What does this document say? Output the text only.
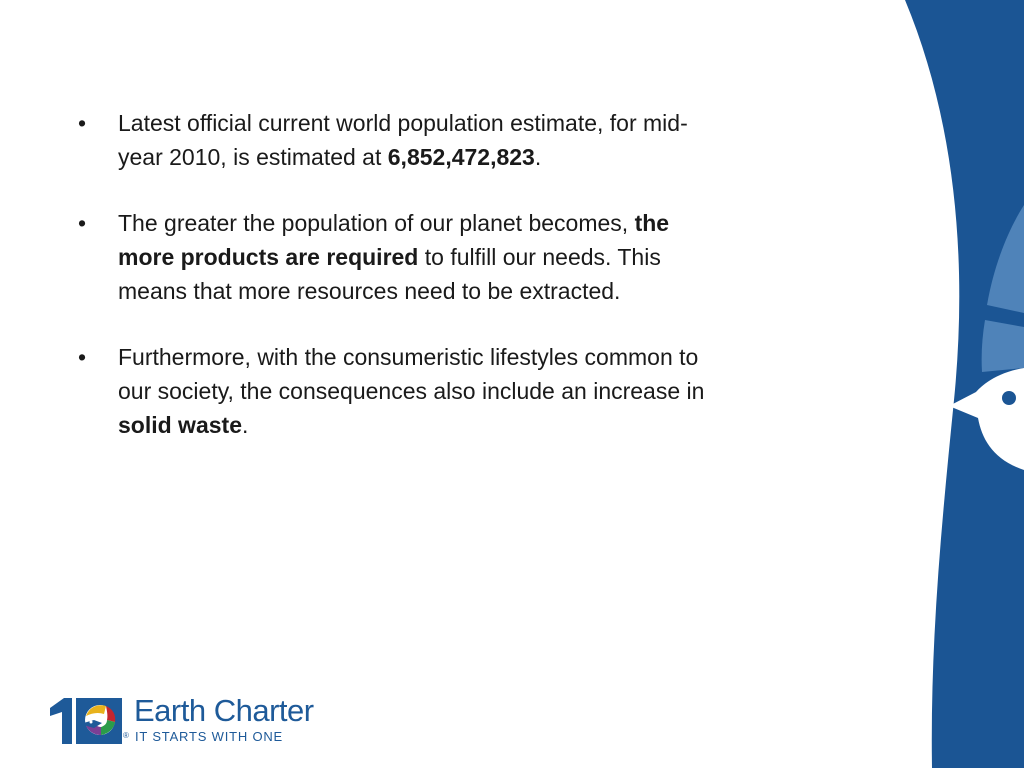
• Latest official current world population estimate, for mid-year 2010, is estimated at 6,852,472,823.
• The greater the population of our planet becomes, the more products are required to fulfill our needs. This means that more resources need to be extracted.
• Furthermore, with the consumeristic lifestyles common to our society, the consequences also include an increase in solid waste.
Earth Charter
® IT STARTS WITH ONE
